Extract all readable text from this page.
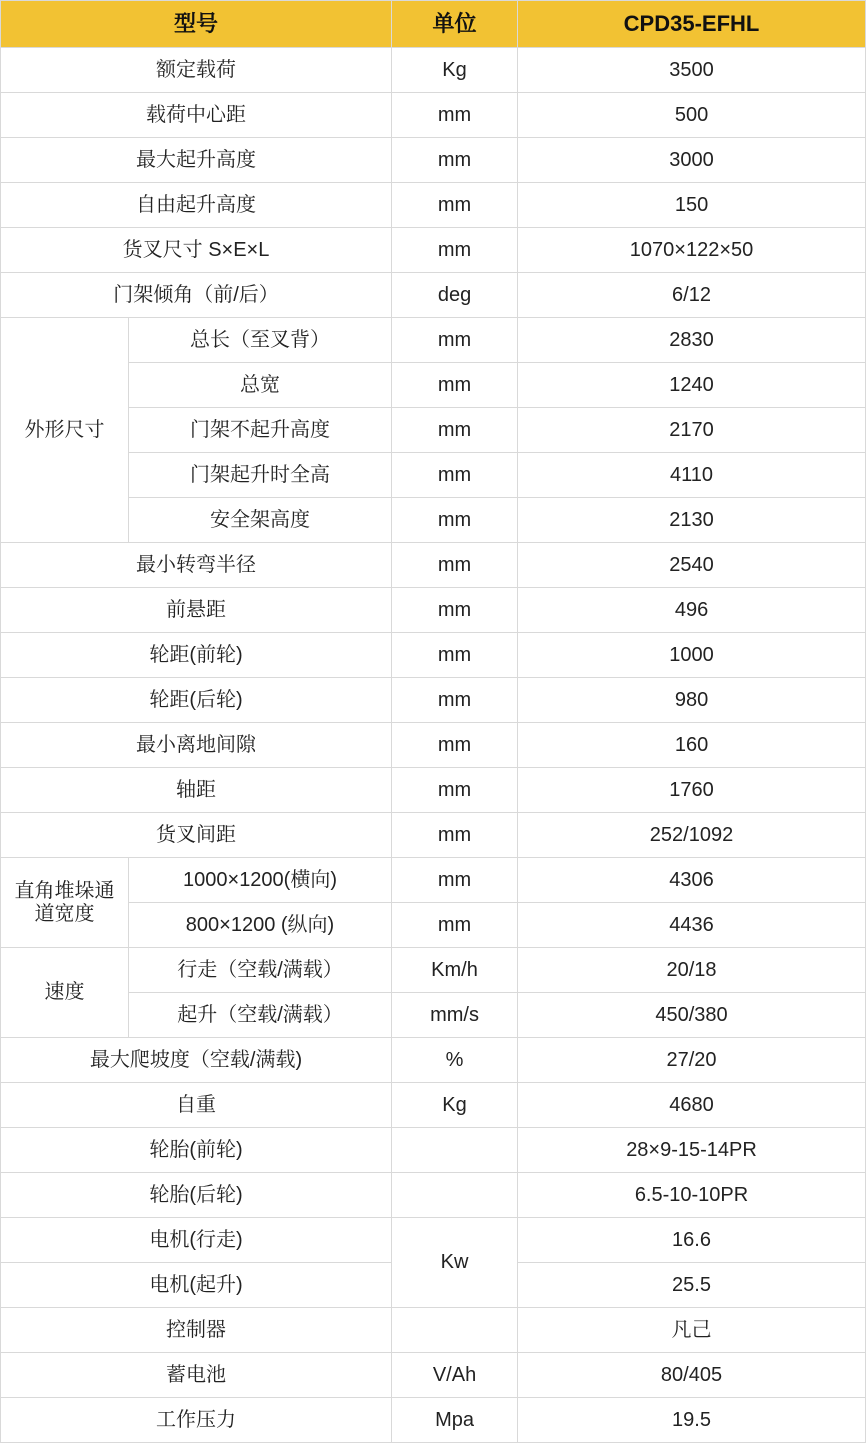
型号		单位	CPD35-EFHL
额定载荷		Kg	3500
载荷中心距		mm	500
最大起升高度		mm	3000
自由起升高度		mm	150
货叉尺寸 S×E×L		mm	1070×122×50
门架倾角（前/后）		deg	6/12
外形尺寸	总长（至叉背）	mm	2830
	总宽	mm	1240
	门架不起升高度	mm	2170
	门架起升时全高	mm	4110
	安全架高度	mm	2130
最小转弯半径		mm	2540
前悬距		mm	496
轮距(前轮)		mm	1000
轮距(后轮)		mm	980
最小离地间隙		mm	160
轴距		mm	1760
货叉间距		mm	252/1092
直角堆垛通道宽度	1000×1200(横向)	mm	4306
	800×1200 (纵向)	mm	4436
速度	行走（空载/满载）	Km/h	20/18
	起升（空载/满载）	mm/s	450/380
最大爬坡度（空载/满载)		%	27/20
自重		Kg	4680
轮胎(前轮)			28×9-15-14PR
轮胎(后轮)			6.5-10-10PR
电机(行走)		Kw	16.6
电机(起升)			25.5
控制器			凡己
蓄电池		V/Ah	80/405
工作压力		Mpa	19.5
